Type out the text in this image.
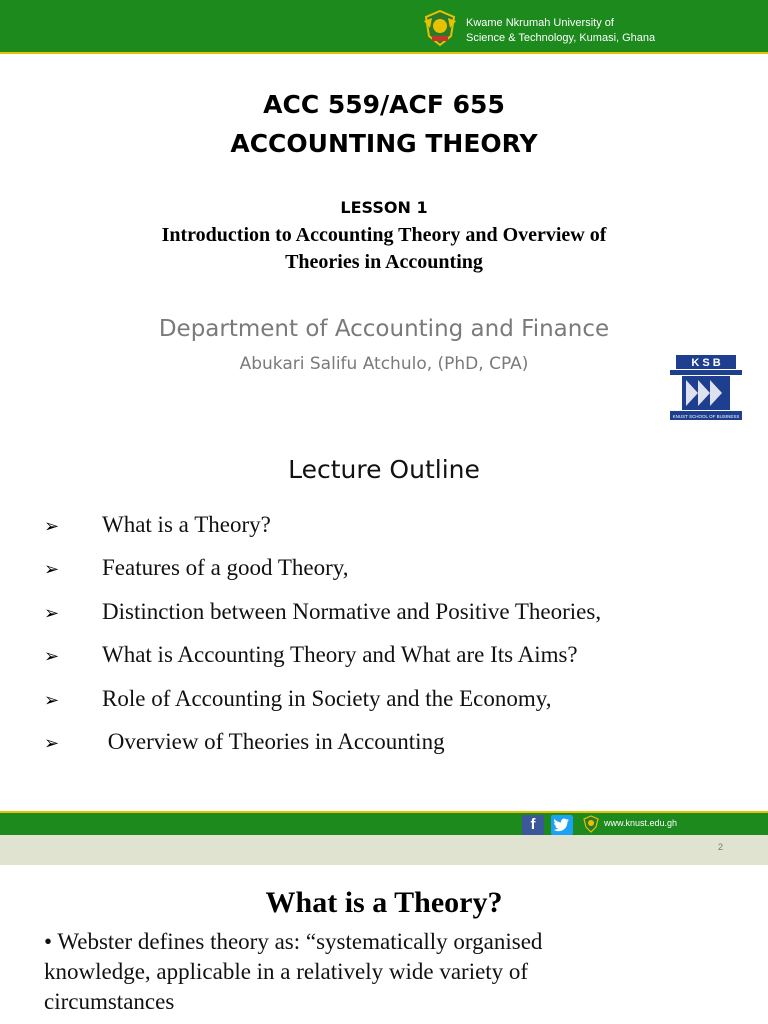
Kwame Nkrumah University of
Science & Technology, Kumasi, Ghana
ACC 559/ACF 655
ACCOUNTING THEORY
LESSON 1
Introduction to Accounting Theory and Overview of
Theories in Accounting
Department of Accounting and Finance
Abukari Salifu Atchulo, (PhD, CPA)	K S B
KNUST SCHOOL OF BUSINESS
Lecture Outline
➢ What is a Theory?
➢ Features of a good Theory,
➢ Distinction between Normative and Positive Theories,
➢ What is Accounting Theory and What are Its Aims?
➢ Role of Accounting in Society and the Economy,
➢ Overview of Theories in Accounting
f	www.knust.edu.gh
2
What is a Theory?
• Webster defines theory as: “systematically organised
knowledge, applicable in a relatively wide variety of
circumstances
